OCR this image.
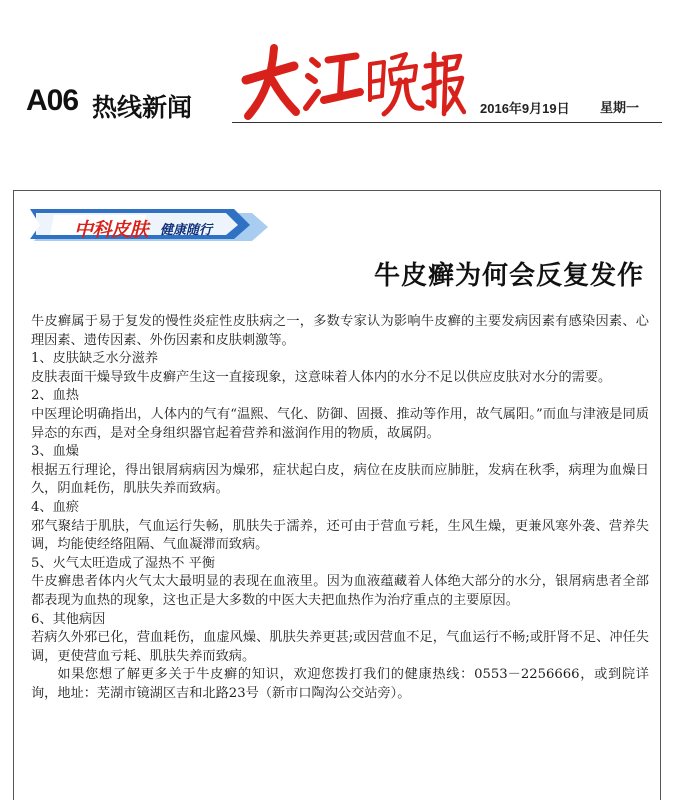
A06 热线新闻	2016年9月19日 星期一
中科皮肤 健康随行
牛皮癣为何会反复发作

牛皮癣属于易于复发的慢性炎症性皮肤病之一，多数专家认为影响牛皮癣的主要发病因素有感染因素、心理因素、遗传因素、外伤因素和皮肤刺激等。

1、皮肤缺乏水分滋养

皮肤表面干燥导致牛皮癣产生这一直接现象，这意味着人体内的水分不足以供应皮肤对水分的需要。

2、血热

中医理论明确指出，人体内的气有“温熙、气化、防御、固摄、推动等作用，故气属阳。”而血与津液是同质异态的东西，是对全身组织器官起着营养和滋润作用的物质，故属阴。

3、血燥

根据五行理论，得出银屑病病因为燥邪，症状起白皮，病位在皮肤而应肺脏，发病在秋季，病理为血燥日久，阴血耗伤，肌肤失养而致病。

4、血瘀

邪气聚结于肌肤，气血运行失畅，肌肤失于濡养，还可由于营血亏耗，生风生燥，更兼风寒外袭、营养失调，均能使经络阻隔、气血凝滞而致病。

5、火气太旺造成了湿热不 平衡

牛皮癣患者体内火气太大最明显的表现在血液里。因为血液蕴藏着人体绝大部分的水分，银屑病患者全部都表现为血热的现象，这也正是大多数的中医大夫把血热作为治疗重点的主要原因。

6、其他病因

若病久外邪已化，营血耗伤，血虚风燥、肌肤失养更甚;或因营血不足，气血运行不畅;或肝肾不足、冲任失调，更使营血亏耗、肌肤失养而致病。

如果您想了解更多关于牛皮癣的知识，欢迎您拨打我们的健康热线：0553－2256666，或到院详询，地址：芜湖市镜湖区吉和北路23号（新市口陶沟公交站旁）。
